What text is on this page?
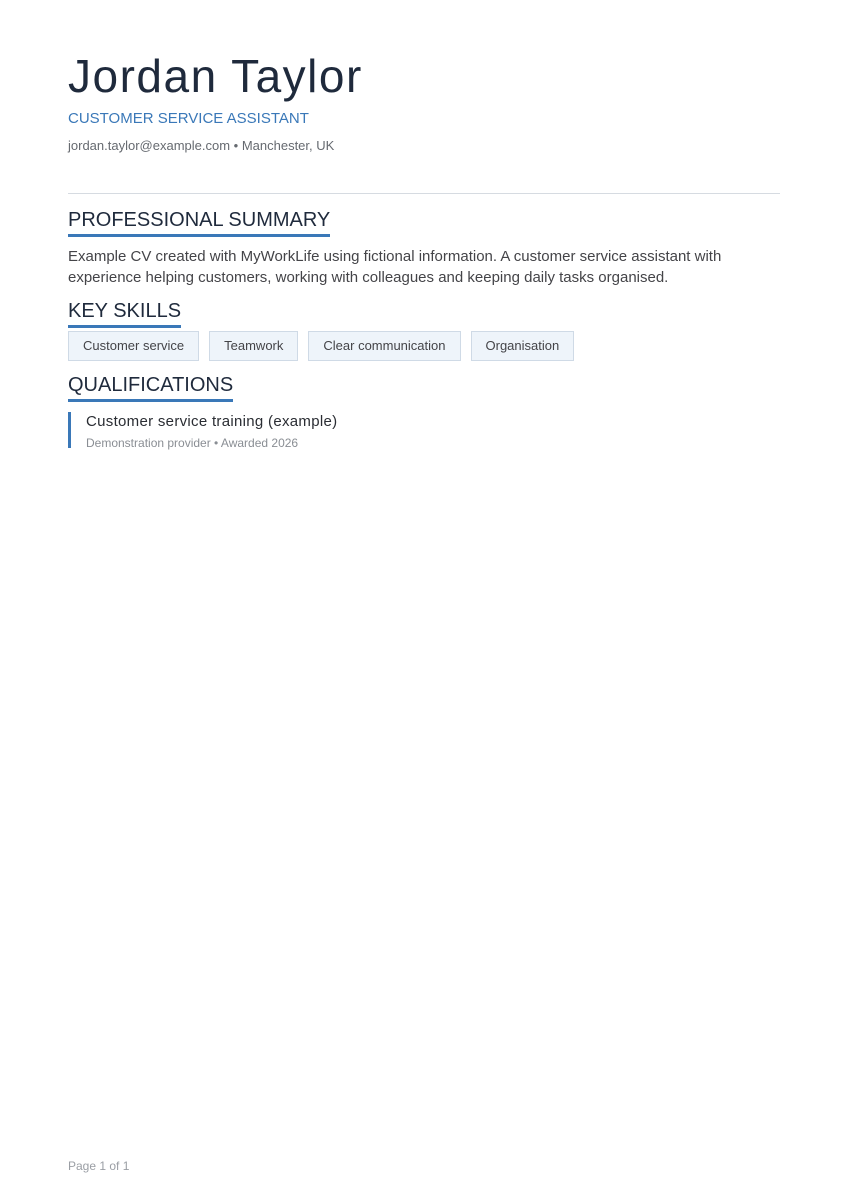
Jordan Taylor
CUSTOMER SERVICE ASSISTANT
jordan.taylor@example.com • Manchester, UK
PROFESSIONAL SUMMARY
Example CV created with MyWorkLife using fictional information. A customer service assistant with experience helping customers, working with colleagues and keeping daily tasks organised.
KEY SKILLS
Customer service	Teamwork	Clear communication	Organisation
QUALIFICATIONS
Customer service training (example)
Demonstration provider • Awarded 2026
Page 1 of 1
